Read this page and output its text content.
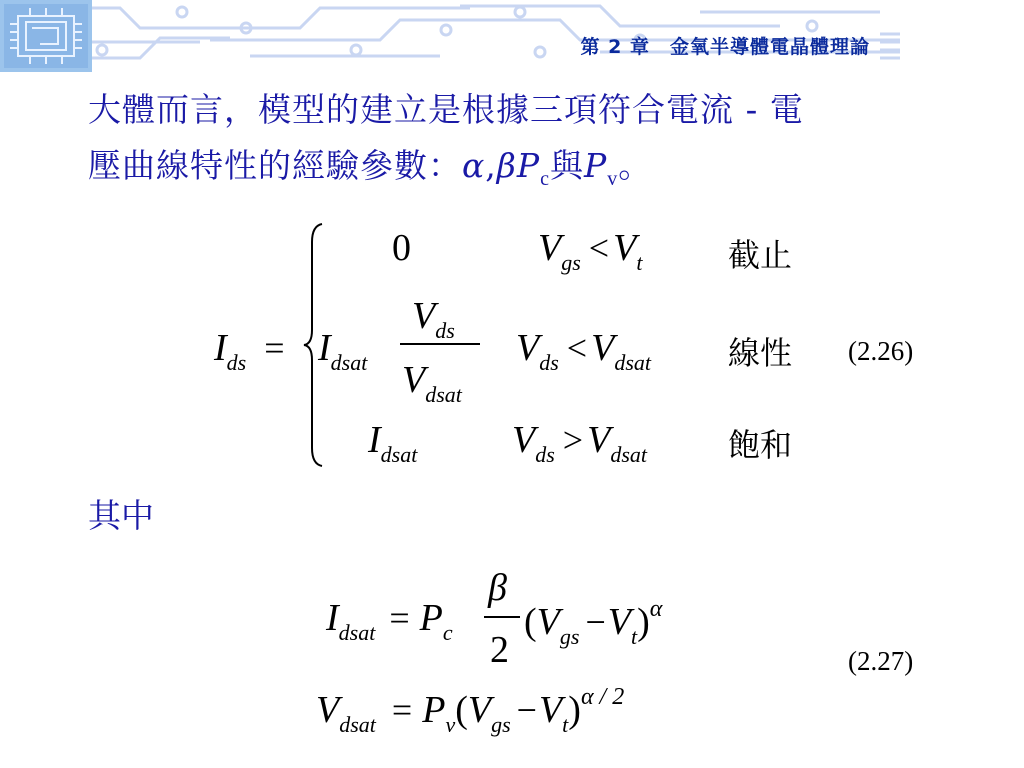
第 2 章　金氧半導體電晶體理論
大體而言，模型的建立是根據三項符合電流 - 電
壓曲線特性的經驗參數：$\alpha,\beta P_c$與$P_v$。
Ids =
0	Vgs < Vt	截止
Idsat
Vds
Vdsat
Vds < Vdsat 線性
Idsat Vds > Vdsat	飽和
(2.26)
其中
Idsat = Pc
β
2
(Vgs −Vt)$^\alpha$
Vdsat = Pv(Vgs −Vt)$^{\alpha / 2}$
(2.27)
